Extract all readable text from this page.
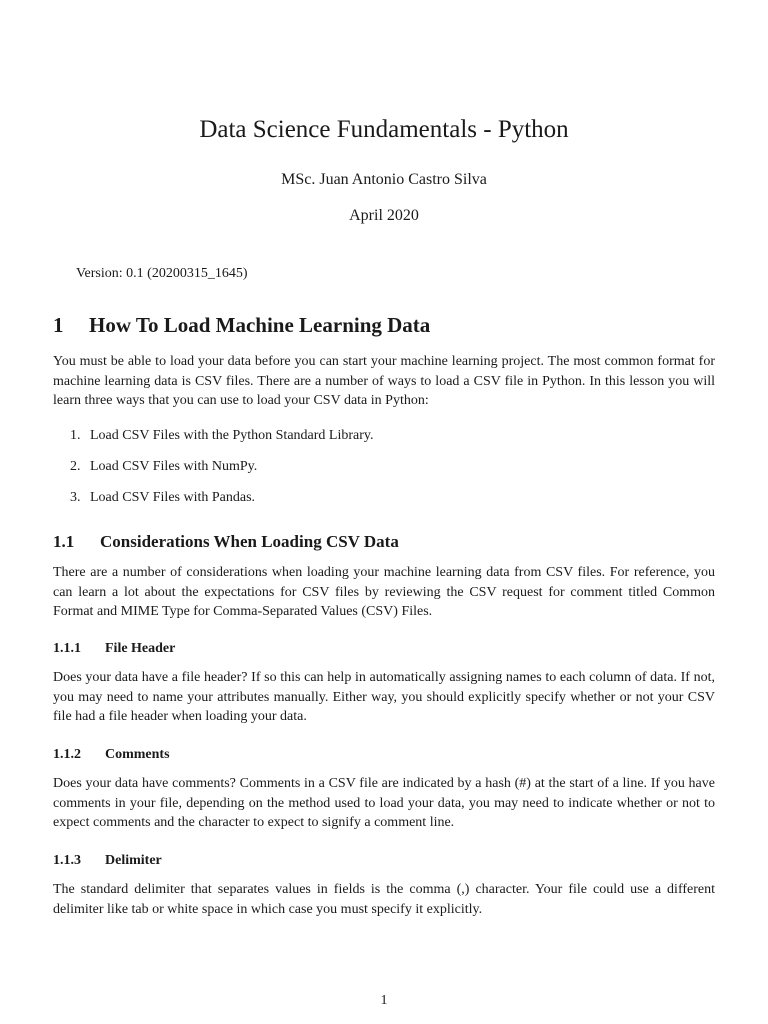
Data Science Fundamentals - Python
MSc. Juan Antonio Castro Silva
April 2020
Version: 0.1 (20200315_1645)
1 How To Load Machine Learning Data

You must be able to load your data before you can start your machine learning project. The most common format for machine learning data is CSV files. There are a number of ways to load a CSV file in Python. In this lesson you will learn three ways that you can use to load your CSV data in Python:

1. Load CSV Files with the Python Standard Library.
2. Load CSV Files with NumPy.
3. Load CSV Files with Pandas.
1.1 Considerations When Loading CSV Data

There are a number of considerations when loading your machine learning data from CSV files. For reference, you can learn a lot about the expectations for CSV files by reviewing the CSV request for comment titled Common Format and MIME Type for Comma-Separated Values (CSV) Files.

1.1.1 File Header

Does your data have a file header? If so this can help in automatically assigning names to each column of data. If not, you may need to name your attributes manually. Either way, you should explicitly specify whether or not your CSV file had a file header when loading your data.

1.1.2 Comments

Does your data have comments? Comments in a CSV file are indicated by a hash (#) at the start of a line. If you have comments in your file, depending on the method used to load your data, you may need to indicate whether or not to expect comments and the character to expect to signify a comment line.

1.1.3 Delimiter

The standard delimiter that separates values in fields is the comma (,) character. Your file could use a different delimiter like tab or white space in which case you must specify it explicitly.

1
